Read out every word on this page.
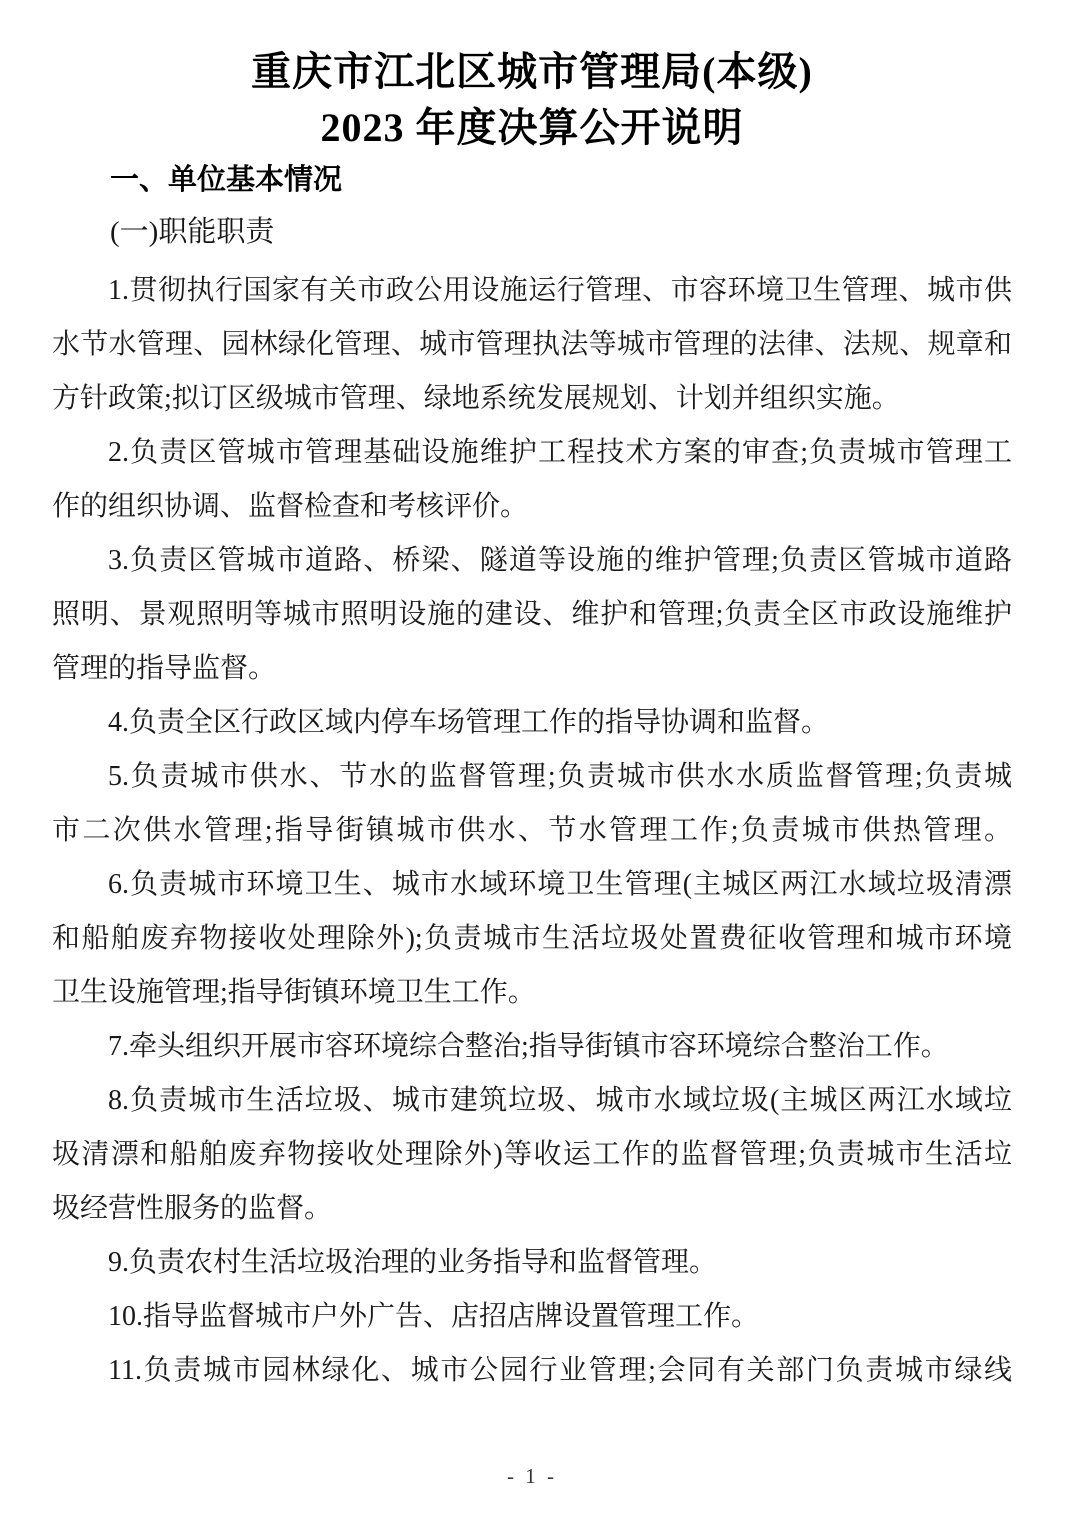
重庆市江北区城市管理局(本级)
2023 年度决算公开说明
一、单位基本情况
(一)职能职责
1.贯彻执行国家有关市政公用设施运行管理、市容环境卫生管理、城市供
水节水管理、园林绿化管理、城市管理执法等城市管理的法律、法规、规章和
方针政策;拟订区级城市管理、绿地系统发展规划、计划并组织实施。
2.负责区管城市管理基础设施维护工程技术方案的审查;负责城市管理工
作的组织协调、监督检查和考核评价。
3.负责区管城市道路、桥梁、隧道等设施的维护管理;负责区管城市道路
照明、景观照明等城市照明设施的建设、维护和管理;负责全区市政设施维护
管理的指导监督。
4.负责全区行政区域内停车场管理工作的指导协调和监督。
5.负责城市供水、节水的监督管理;负责城市供水水质监督管理;负责城
市二次供水管理;指导街镇城市供水、节水管理工作;负责城市供热管理。
6.负责城市环境卫生、城市水域环境卫生管理(主城区两江水域垃圾清漂
和船舶废弃物接收处理除外);负责城市生活垃圾处置费征收管理和城市环境
卫生设施管理;指导街镇环境卫生工作。
7.牵头组织开展市容环境综合整治;指导街镇市容环境综合整治工作。
8.负责城市生活垃圾、城市建筑垃圾、城市水域垃圾(主城区两江水域垃
圾清漂和船舶废弃物接收处理除外)等收运工作的监督管理;负责城市生活垃
圾经营性服务的监督。
9.负责农村生活垃圾治理的业务指导和监督管理。
10.指导监督城市户外广告、店招店牌设置管理工作。
11.负责城市园林绿化、城市公园行业管理;会同有关部门负责城市绿线
- 1 -
